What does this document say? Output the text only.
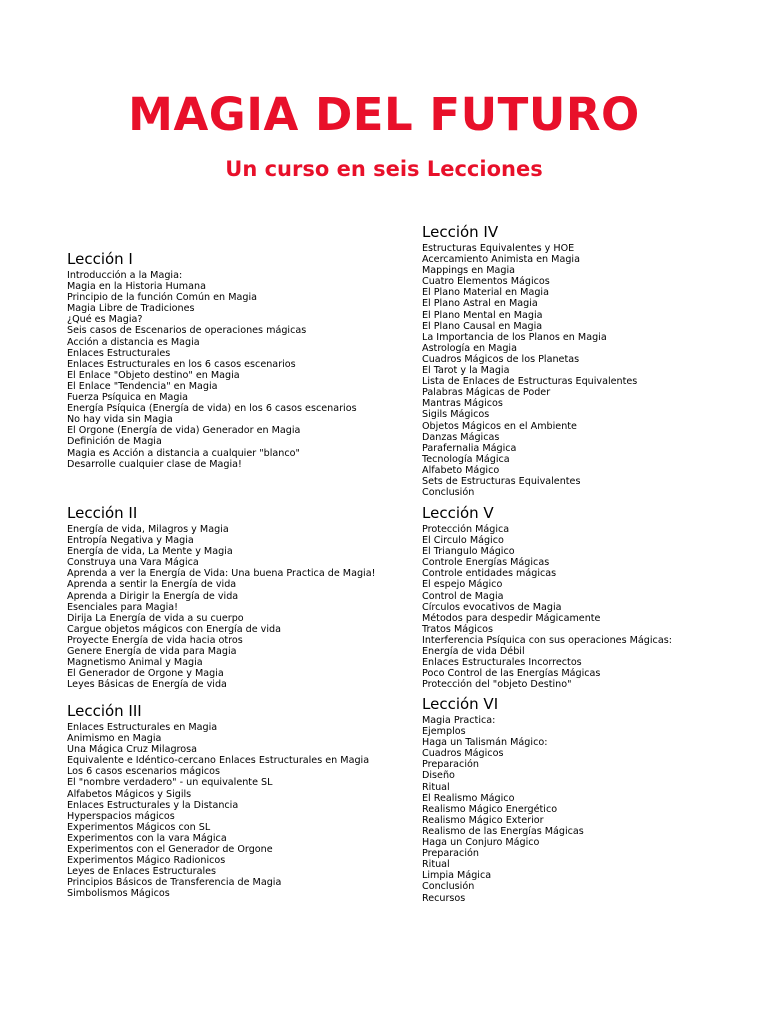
MAGIA DEL FUTURO
Un curso en seis Lecciones
Lección I
Introducción a la Magia:
Magia en la Historia Humana
Principio de la función Común en Magia
Magia Libre de Tradiciones
¿Qué es Magia?
Seis casos de Escenarios de operaciones mágicas
Acción a distancia es Magia
Enlaces Estructurales
Enlaces Estructurales en los 6 casos escenarios
El Enlace "Objeto destino" en Magia
El Enlace "Tendencia" en Magia
Fuerza Psíquica en Magia
Energía Psíquica (Energía de vida) en los 6 casos escenarios
No hay vida sin Magia
El Orgone (Energía de vida) Generador en Magia
Definición de Magia
Magia es Acción a distancia a cualquier "blanco"
Desarrolle cualquier clase de Magia!
Lección II
Energía de vida, Milagros y Magia
Entropía Negativa y Magia
Energía de vida, La Mente y Magia
Construya una Vara Mágica
Aprenda a ver la Energía de Vida: Una buena Practica de Magia!
Aprenda a sentir la Energía de vida
Aprenda a Dirigir la Energía de vida
Esenciales para Magia!
Dirija La Energía de vida a su cuerpo
Cargue objetos mágicos con Energía de vida
Proyecte Energía de vida hacia otros
Genere Energía de vida para Magia
Magnetismo Animal y Magia
El Generador de Orgone y Magia
Leyes Básicas de Energía de vida
Lección III
Enlaces Estructurales en Magia
Animismo en Magia
Una Mágica Cruz Milagrosa
Equivalente e Idéntico-cercano Enlaces Estructurales en Magia
Los 6 casos escenarios mágicos
El "nombre verdadero" - un equivalente SL
Alfabetos Mágicos y Sigils
Enlaces Estructurales y la Distancia
Hyperspacios mágicos
Experimentos Mágicos con SL
Experimentos con la vara Mágica
Experimentos con el Generador de Orgone
Experimentos Mágico Radionicos
Leyes de Enlaces Estructurales
Principios Básicos de Transferencia de Magia
Simbolismos Mágicos
Lección IV
Estructuras Equivalentes y HOE
Acercamiento Animista en Magia
Mappings en Magia
Cuatro Elementos Mágicos
El Plano Material en Magia
El Plano Astral en Magia
El Plano Mental en Magia
El Plano Causal en Magia
La Importancia de los Planos en Magia
Astrología en Magia
Cuadros Mágicos de los Planetas
El Tarot y la Magia
Lista de Enlaces de Estructuras Equivalentes
Palabras Mágicas de Poder
Mantras Mágicos
Sigils Mágicos
Objetos Mágicos en el Ambiente
Danzas Mágicas
Parafernalia Mágica
Tecnología Mágica
Alfabeto Mágico
Sets de Estructuras Equivalentes
Conclusión
Lección V
Protección Mágica
El Circulo Mágico
El Triangulo Mágico
Controle Energías Mágicas
Controle entidades mágicas
El espejo Mágico
Control de Magia
Círculos evocativos de Magia
Métodos para despedir Mágicamente
Tratos Mágicos
Interferencia Psíquica con sus operaciones Mágicas:
Energía de vida Débil
Enlaces Estructurales Incorrectos
Poco Control de las Energías Mágicas
Protección del "objeto Destino"
Lección VI
Magia Practica:
Ejemplos
Haga un Talismán Mágico:
Cuadros Mágicos
Preparación
Diseño
Ritual
El Realismo Mágico
Realismo Mágico Energético
Realismo Mágico Exterior
Realismo de las Energías Mágicas
Haga un Conjuro Mágico
Preparación
Ritual
Limpia Mágica
Conclusión
Recursos
